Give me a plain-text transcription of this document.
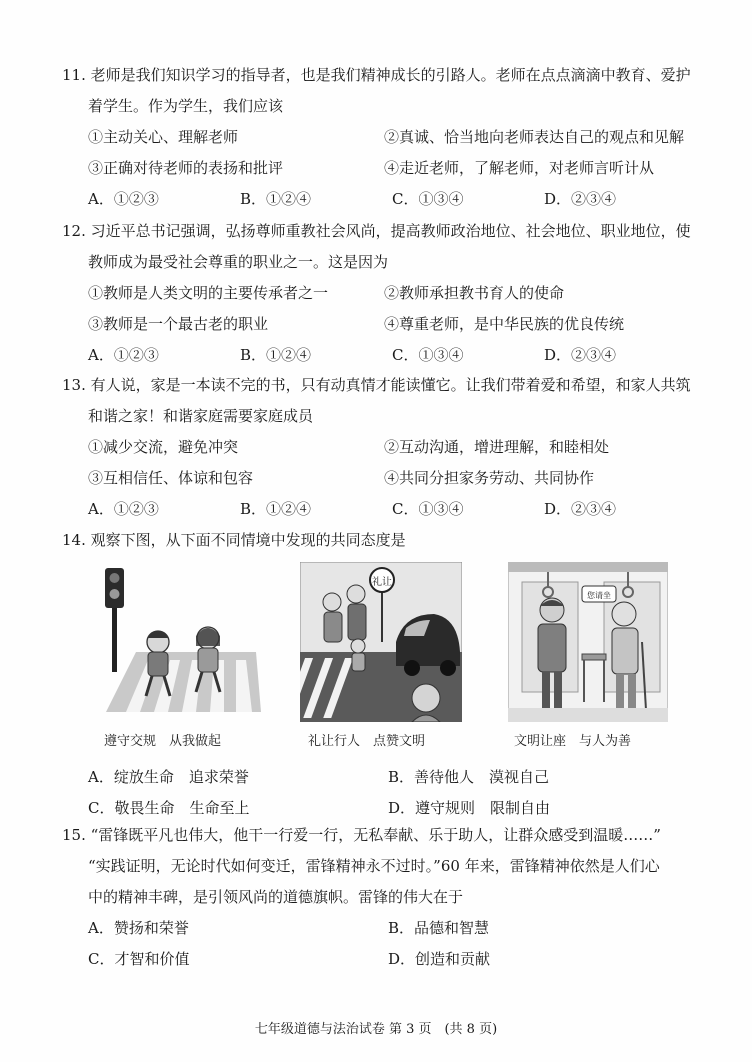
11. 老师是我们知识学习的指导者，也是我们精神成长的引路人。老师在点点滴滴中教育、爱护
着学生。作为学生，我们应该
①主动关心、理解老师	②真诚、恰当地向老师表达自己的观点和见解
③正确对待老师的表扬和批评	④走近老师，了解老师，对老师言听计从
A．①②③	B．①②④	C．①③④	D．②③④
12. 习近平总书记强调，弘扬尊师重教社会风尚，提高教师政治地位、社会地位、职业地位，使
教师成为最受社会尊重的职业之一。这是因为
①教师是人类文明的主要传承者之一	②教师承担教书育人的使命
③教师是一个最古老的职业	④尊重老师，是中华民族的优良传统
A．①②③	B．①②④	C．①③④	D．②③④
13. 有人说，家是一本读不完的书，只有动真情才能读懂它。让我们带着爱和希望，和家人共筑
和谐之家！和谐家庭需要家庭成员
①减少交流，避免冲突	②互动沟通，增进理解，和睦相处
③互相信任、体谅和包容	④共同分担家务劳动、共同协作
A．①②③	B．①②④	C．①③④	D．②③④
14. 观察下图，从下面不同情境中发现的共同态度是
遵守交规　从我做起
礼让
礼让行人　点赞文明
您请坐
文明让座　与人为善
A．绽放生命　追求荣誉	B．善待他人　漠视自己
C．敬畏生命　生命至上	D．遵守规则　限制自由
15. “雷锋既平凡也伟大，他干一行爱一行，无私奉献、乐于助人，让群众感受到温暖……”
“实践证明，无论时代如何变迁，雷锋精神永不过时。”60 年来，雷锋精神依然是人们心
中的精神丰碑，是引领风尚的道德旗帜。雷锋的伟大在于
A．赞扬和荣誉	B．品德和智慧
C．才智和价值	D．创造和贡献
七年级道德与法治试卷 第 3 页　(共 8 页)
